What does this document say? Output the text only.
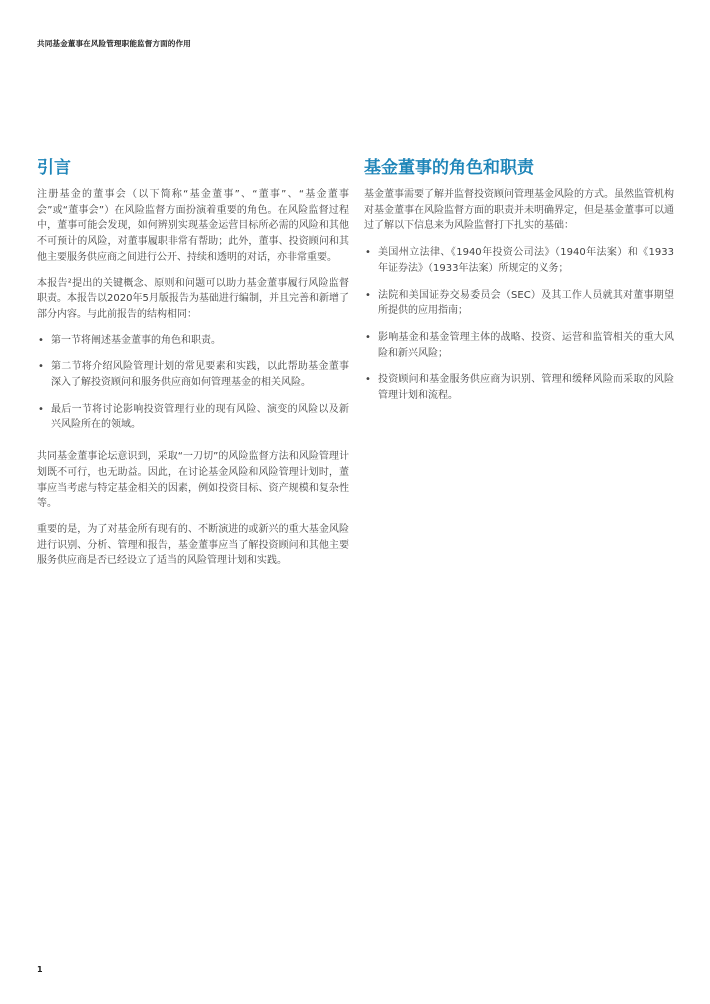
共同基金董事在风险管理职能监督方面的作用
引言

注册基金的董事会（以下简称“基金董事”、“董事”、“基金董事会”或“董事会”）在风险监督方面扮演着重要的角色。在风险监督过程中，董事可能会发现，如何辨别实现基金运营目标所必需的风险和其他不可预计的风险，对董事履职非常有帮助；此外，董事、投资顾问和其他主要服务供应商之间进行公开、持续和透明的对话，亦非常重要。

本报告²提出的关键概念、原则和问题可以助力基金董事履行风险监督职责。本报告以2020年5月版报告为基础进行编制，并且完善和新增了部分内容。与此前报告的结构相同：

• 第一节将阐述基金董事的角色和职责。
• 第二节将介绍风险管理计划的常见要素和实践，以此帮助基金董事深入了解投资顾问和服务供应商如何管理基金的相关风险。
• 最后一节将讨论影响投资管理行业的现有风险、演变的风险以及新兴风险所在的领域。

共同基金董事论坛意识到，采取“一刀切”的风险监督方法和风险管理计划既不可行，也无助益。因此，在讨论基金风险和风险管理计划时，董事应当考虑与特定基金相关的因素，例如投资目标、资产规模和复杂性等。

重要的是，为了对基金所有现有的、不断演进的或新兴的重大基金风险进行识别、分析、管理和报告，基金董事应当了解投资顾问和其他主要服务供应商是否已经设立了适当的风险管理计划和实践。

基金董事的角色和职责

基金董事需要了解并监督投资顾问管理基金风险的方式。虽然监管机构对基金董事在风险监督方面的职责并未明确界定，但是基金董事可以通过了解以下信息来为风险监督打下扎实的基础：

• 美国州立法律、《1940年投资公司法》（1940年法案）和《1933年证券法》（1933年法案）所规定的义务；
• 法院和美国证券交易委员会（SEC）及其工作人员就其对董事期望所提供的应用指南；
• 影响基金和基金管理主体的战略、投资、运营和监管相关的重大风险和新兴风险；
• 投资顾问和基金服务供应商为识别、管理和缓释风险而采取的风险管理计划和流程。
1
